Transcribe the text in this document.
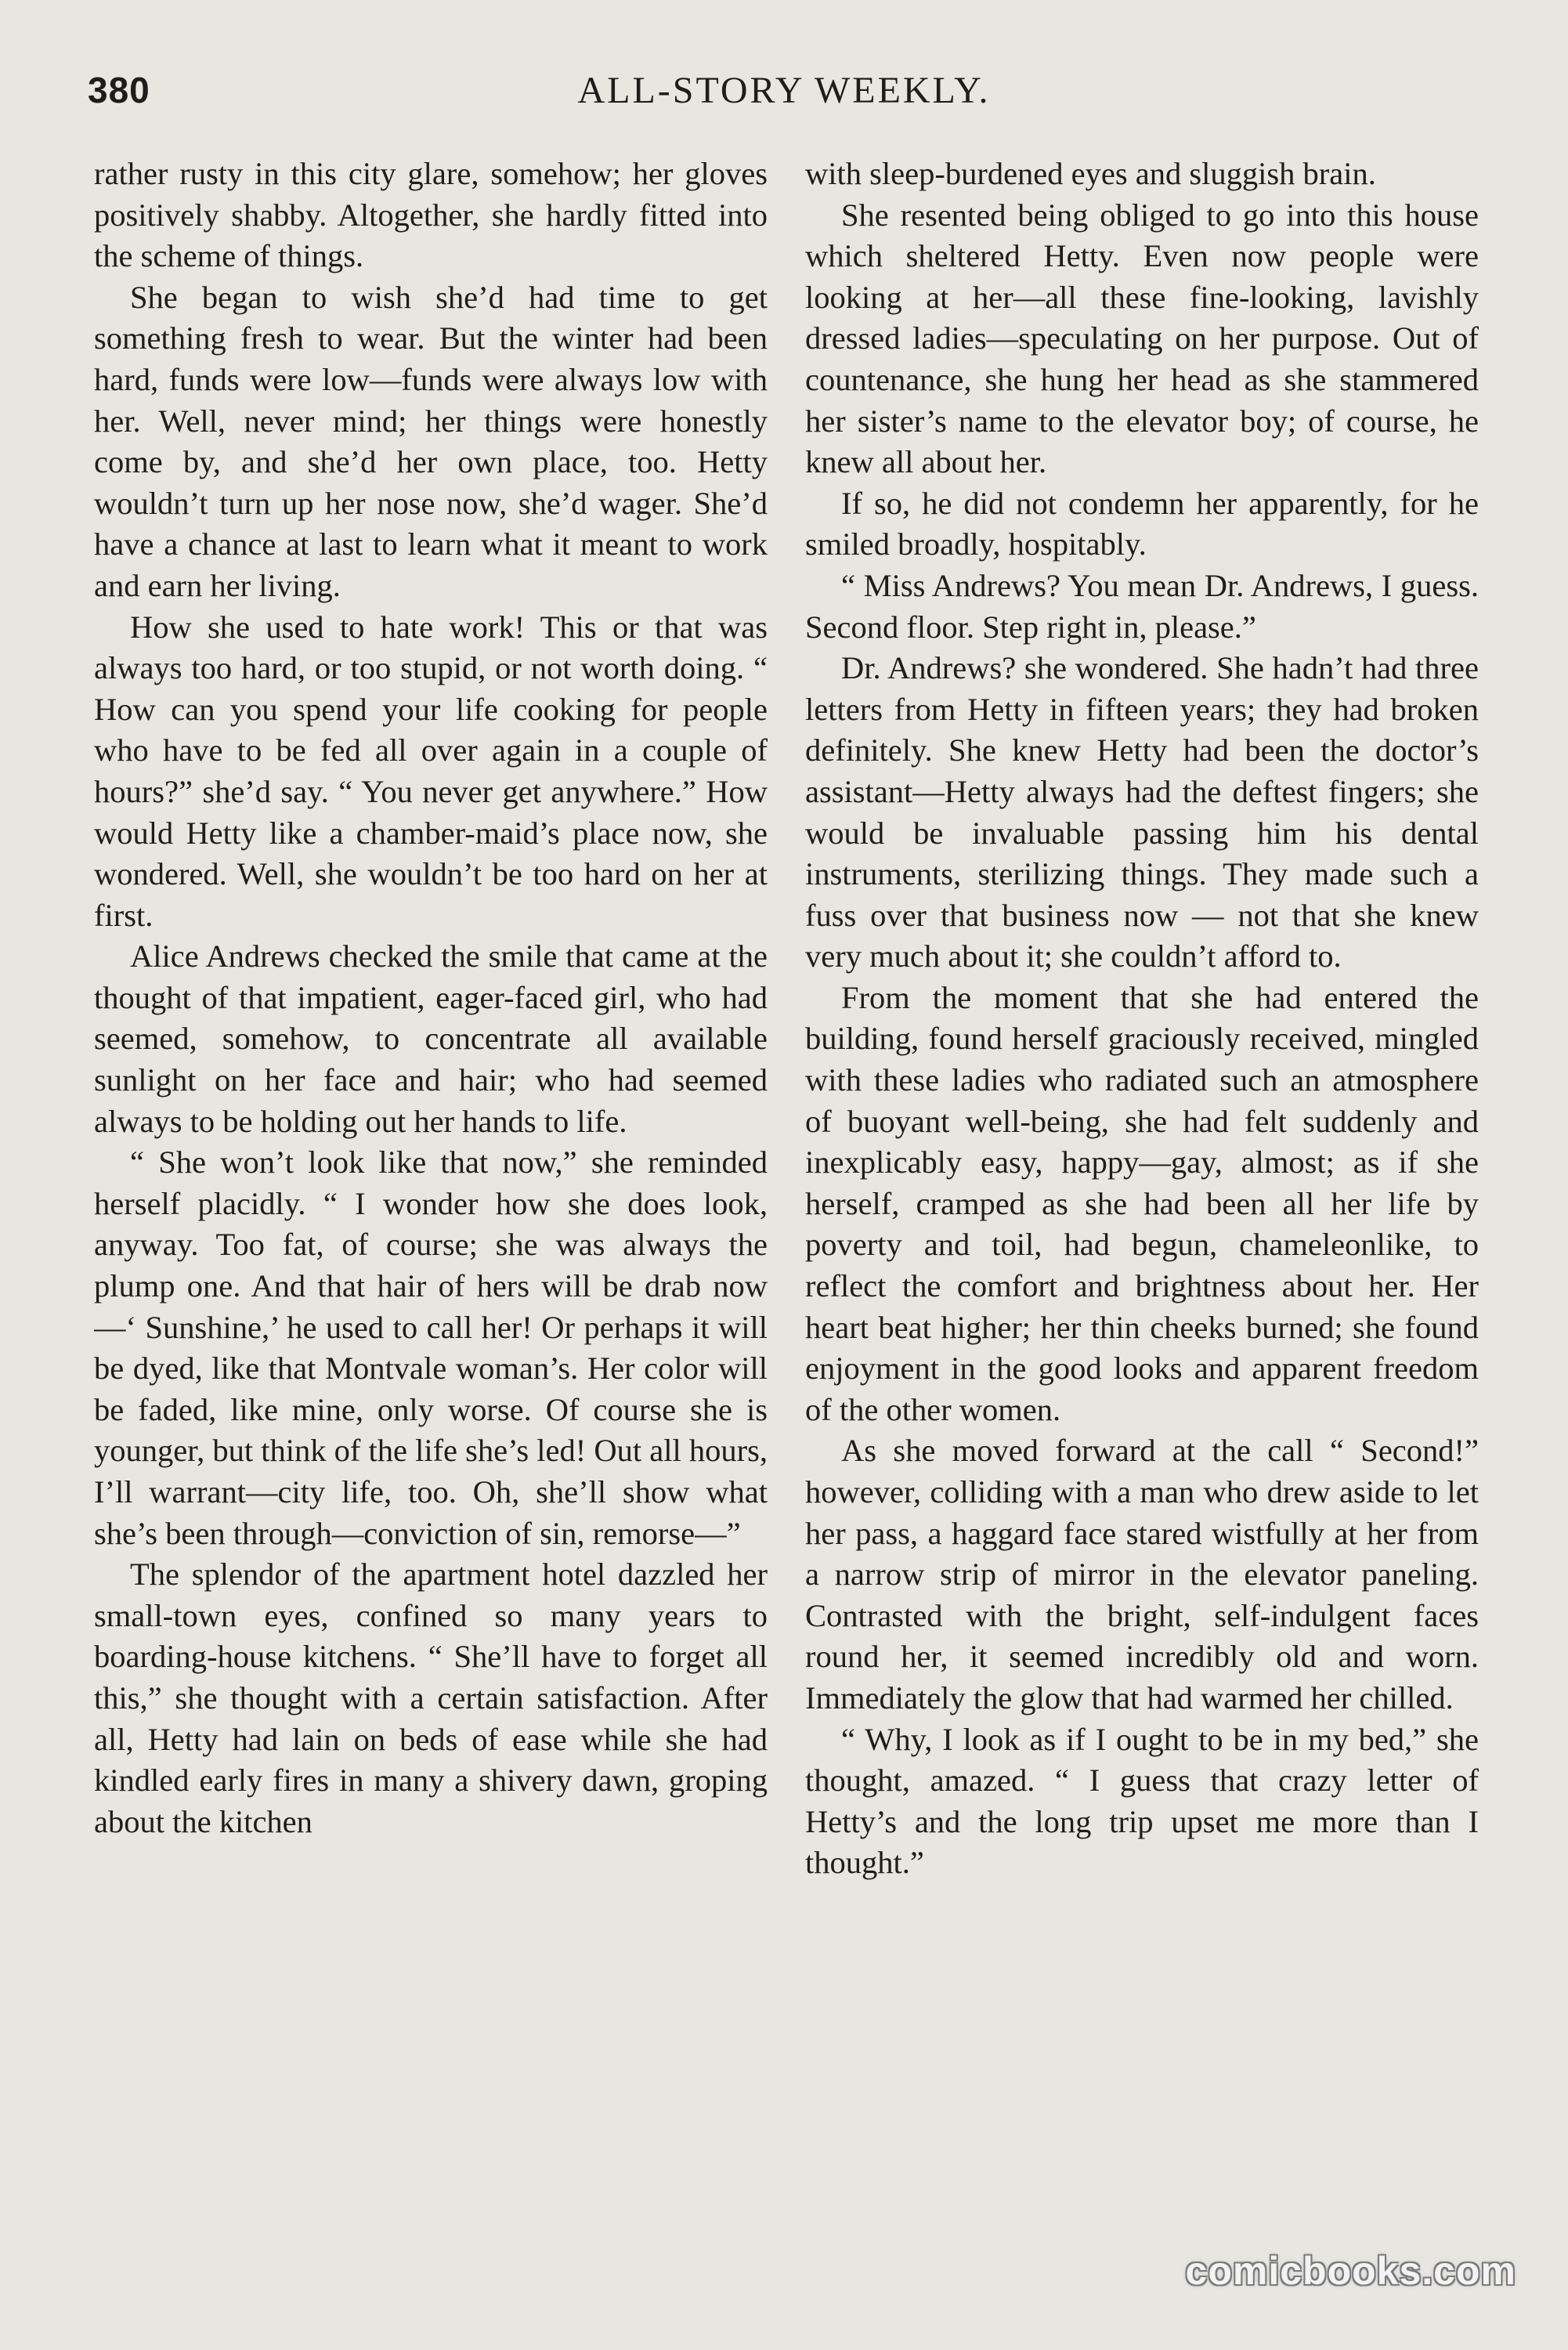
380	ALL-STORY WEEKLY.

rather rusty in this city glare, somehow; her gloves positively shabby. Altogether, she hardly fitted into the scheme of things.

She began to wish she’d had time to get something fresh to wear. But the winter had been hard, funds were low—funds were always low with her. Well, never mind; her things were honestly come by, and she’d her own place, too. Hetty wouldn’t turn up her nose now, she’d wager. She’d have a chance at last to learn what it meant to work and earn her living.

How she used to hate work! This or that was always too hard, or too stupid, or not worth doing. “ How can you spend your life cooking for people who have to be fed all over again in a couple of hours?” she’d say. “ You never get anywhere.” How would Hetty like a chamber-maid’s place now, she wondered. Well, she wouldn’t be too hard on her at first.

Alice Andrews checked the smile that came at the thought of that impatient, eager-faced girl, who had seemed, somehow, to concentrate all available sunlight on her face and hair; who had seemed always to be holding out her hands to life.

“ She won’t look like that now,” she reminded herself placidly. “ I wonder how she does look, anyway. Too fat, of course; she was always the plump one. And that hair of hers will be drab now—‘ Sunshine,’ he used to call her! Or perhaps it will be dyed, like that Montvale woman’s. Her color will be faded, like mine, only worse. Of course she is younger, but think of the life she’s led! Out all hours, I’ll warrant—city life, too. Oh, she’ll show what she’s been through—conviction of sin, remorse—”

The splendor of the apartment hotel dazzled her small-town eyes, confined so many years to boarding-house kitchens. “ She’ll have to forget all this,” she thought with a certain satisfaction. After all, Hetty had lain on beds of ease while she had kindled early fires in many a shivery dawn, groping about the kitchen

with sleep-burdened eyes and sluggish brain.

She resented being obliged to go into this house which sheltered Hetty. Even now people were looking at her—all these fine-looking, lavishly dressed ladies—speculating on her purpose. Out of countenance, she hung her head as she stammered her sister’s name to the elevator boy; of course, he knew all about her.

If so, he did not condemn her apparently, for he smiled broadly, hospitably.

“ Miss Andrews? You mean Dr. Andrews, I guess. Second floor. Step right in, please.”

Dr. Andrews? she wondered. She hadn’t had three letters from Hetty in fifteen years; they had broken definitely. She knew Hetty had been the doctor’s assistant—Hetty always had the deftest fingers; she would be invaluable passing him his dental instruments, sterilizing things. They made such a fuss over that business now — not that she knew very much about it; she couldn’t afford to.

From the moment that she had entered the building, found herself graciously received, mingled with these ladies who radiated such an atmosphere of buoyant well-being, she had felt suddenly and inexplicably easy, happy—gay, almost; as if she herself, cramped as she had been all her life by poverty and toil, had begun, chameleonlike, to reflect the comfort and brightness about her. Her heart beat higher; her thin cheeks burned; she found enjoyment in the good looks and apparent freedom of the other women.

As she moved forward at the call “ Second!” however, colliding with a man who drew aside to let her pass, a haggard face stared wistfully at her from a narrow strip of mirror in the elevator paneling. Contrasted with the bright, self-indulgent faces round her, it seemed incredibly old and worn. Immediately the glow that had warmed her chilled.

“ Why, I look as if I ought to be in my bed,” she thought, amazed. “ I guess that crazy letter of Hetty’s and the long trip upset me more than I thought.”

comicbooks.com
